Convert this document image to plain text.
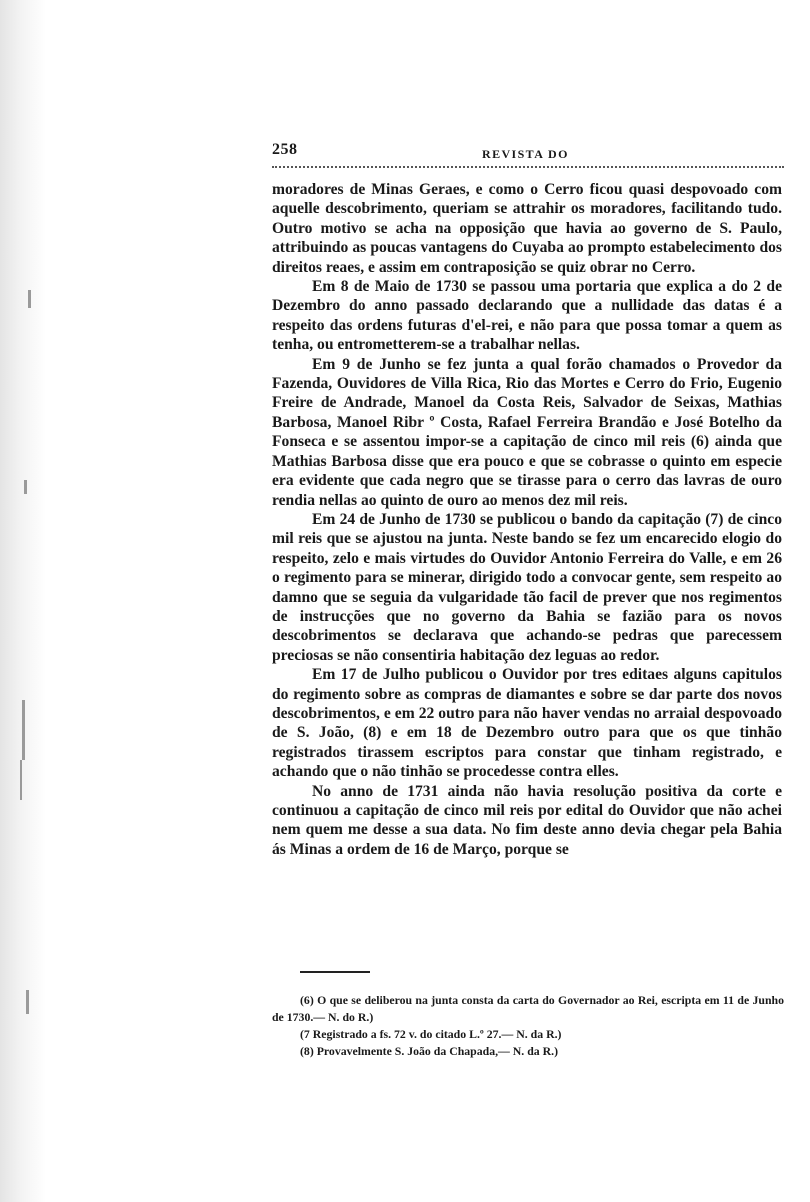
258	REVISTA DO

moradores de Minas Geraes, e como o Cerro ficou quasi despovoado com aquelle descobrimento, queriam se attrahir os moradores, facilitando tudo. Outro motivo se acha na opposição que havia ao governo de S. Paulo, attribuindo as poucas vantagens do Cuyaba ao prompto estabelecimento dos direitos reaes, e assim em contraposição se quiz obrar no Cerro.

Em 8 de Maio de 1730 se passou uma portaria que explica a do 2 de Dezembro do anno passado declarando que a nullidade das datas é a respeito das ordens futuras d'el-rei, e não para que possa tomar a quem as tenha, ou entrometterem-se a trabalhar nellas.

Em 9 de Junho se fez junta a qual forão chamados o Provedor da Fazenda, Ouvidores de Villa Rica, Rio das Mortes e Cerro do Frio, Eugenio Freire de Andrade, Manoel da Costa Reis, Salvador de Seixas, Mathias Barbosa, Manoel Ribr º Costa, Rafael Ferreira Brandão e José Botelho da Fonseca e se assentou impor-se a capitação de cinco mil reis (6) ainda que Mathias Barbosa disse que era pouco e que se cobrasse o quinto em especie era evidente que cada negro que se tirasse para o cerro das lavras de ouro rendia nellas ao quinto de ouro ao menos dez mil reis.

Em 24 de Junho de 1730 se publicou o bando da capitação (7) de cinco mil reis que se ajustou na junta. Neste bando se fez um encarecido elogio do respeito, zelo e mais virtudes do Ouvidor Antonio Ferreira do Valle, e em 26 o regimento para se minerar, dirigido todo a convocar gente, sem respeito ao damno que se seguia da vulgaridade tão facil de prever que nos regimentos de instrucções que no governo da Bahia se fazião para os novos descobrimentos se declarava que achando-se pedras que parecessem preciosas se não consentiria habitação dez leguas ao redor.

Em 17 de Julho publicou o Ouvidor por tres editaes alguns capitulos do regimento sobre as compras de diamantes e sobre se dar parte dos novos descobrimentos, e em 22 outro para não haver vendas no arraial despovoado de S. João, (8) e em 18 de Dezembro outro para que os que tinhão registrados tirassem escriptos para constar que tinham registrado, e achando que o não tinhão se procedesse contra elles.

No anno de 1731 ainda não havia resolução positiva da corte e continuou a capitação de cinco mil reis por edital do Ouvidor que não achei nem quem me desse a sua data. No fim deste anno devia chegar pela Bahia ás Minas a ordem de 16 de Março, porque se

(6) O que se deliberou na junta consta da carta do Governador ao Rei, escripta em 11 de Junho de 1730.— N. do R.)

(7 Registrado a fs. 72 v. do citado L.º 27.— N. da R.)

(8) Provavelmente S. João da Chapada,— N. da R.)
